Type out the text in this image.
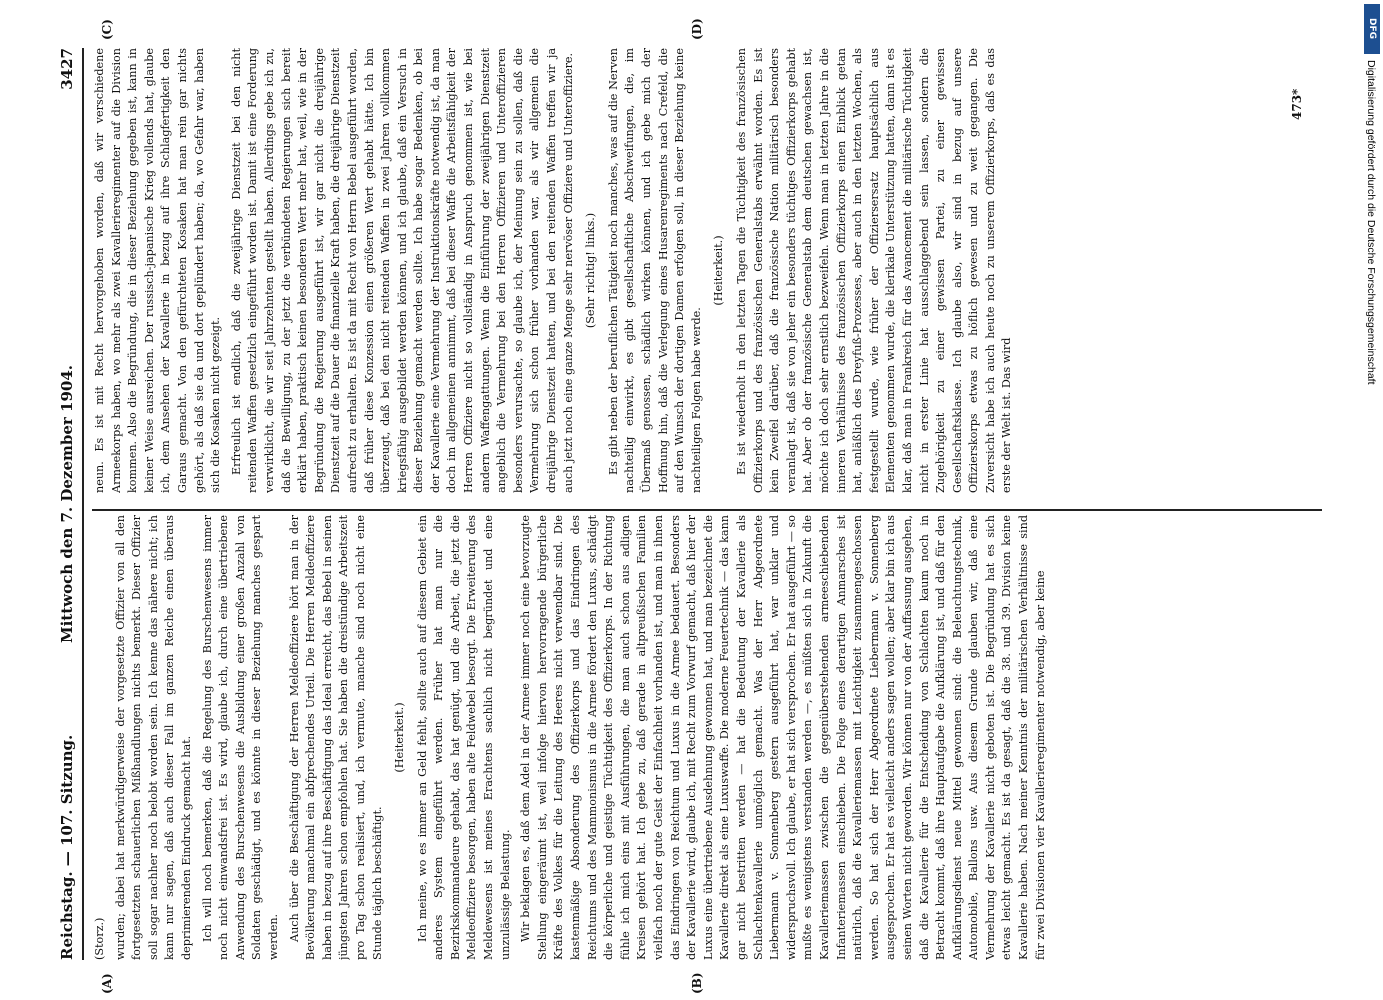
Reichstag. — 107. Sitzung.
Mittwoch den 7. Dezember 1904.
3427
(A)	(B)
(C)	(D)

(Storz.) wurden; dabei hat merkwürdigerweise der vorgesetzte Offizier von all den fortgesetzten schauerlichen Mißhandlungen nichts bemerkt. Dieser Offizier soll sogar nachher noch belobt worden sein. Ich kenne das nähere nicht; ich kann nur sagen, daß auch dieser Fall im ganzen Reiche einen überaus deprimierenden Eindruck gemacht hat. Ich will noch bemerken, daß die Regelung des Burschenwesens immer noch nicht einwandsfrei ist. Es wird, glaube ich, durch eine übertriebene Anwendung des Burschenwesens die Ausbildung einer großen Anzahl von Soldaten geschädigt, und es könnte in dieser Beziehung manches gespart werden. Auch über die Beschäftigung der Herren Meldeoffiziere hört man in der Bevölkerung manchmal ein abfprechendes Urteil. Die Herren Meldeoffiziere haben in bezug auf ihre Beschäftigung das Ideal erreicht, das Bebel in seinen jüngsten Jahren schon empfohlen hat. Sie haben die dreistündige Arbeitszeit pro Tag schon realisiert, und, ich vermute, manche sind noch nicht eine Stunde täglich beschäftigt.

(Heiterkeit.) Ich meine, wo es immer an Geld fehlt, sollte auch auf diesem Gebiet ein anderes System eingeführt werden. Früher hat man nur die Bezirkskommandeure gehabt, das hat genügt, und die Arbeit, die jetzt die Meldeoffiziere besorgen, haben alte Feldwebel besorgt. Die Erweiterung des Meldewesens ist meines Erachtens sachlich nicht begründet und eine unzulässige Belastung. Wir beklagen es, daß dem Adel in der Armee immer noch eine bevorzugte Stellung eingeräumt ist, weil infolge hiervon hervorragende bürgerliche Kräfte des Volkes für die Leitung des Heeres nicht verwendbar sind. Die kastenmäßige Absonderung des Offizierkorps und das Eindringen des Reichtums und des Mammonismus in die Armee fördert den Luxus, schädigt die körperliche und geistige Tüchtigkeit des Offizierkorps. In der Richtung fühle ich mich eins mit Ausführungen, die man auch schon aus adligen Kreisen gehört hat. Ich gebe zu, daß gerade in altpreußischen Familien vielfach noch der gute Geist der Einfachheit vorhanden ist, und man in ihnen das Eindringen von Reichtum und Luxus in die Armee bedauert. Besonders der Kavallerie wird, glaube ich, mit Recht zum Vorwurf gemacht, daß hier der Luxus eine übertriebene Ausdehnung gewonnen hat, und man bezeichnet die Kavallerie direkt als eine Luxuswaffe. Die moderne Feuertechnik — das kann gar nicht bestritten werden — hat die Bedeutung der Kavallerie als Schlachtenkavallerie unmöglich gemacht. Was der Herr Abgeordnete Liebermann v. Sonnenberg gestern ausgeführt hat, war unklar und widerspruchsvoll. Ich glaube, er hat sich versprochen. Er hat ausgeführt — so mußte es wenigstens verstanden werden —, es müßten sich in Zukunft die Kavalleriemassen zwischen die gegenüberstehenden armeeschiebenden Infanteriemassen einschieben. Die Folge eines derartigen Anmarsches ist natürlich, daß die Kavalleriemassen mit Leichtigkeit zusammengeschossen werden. So hat sich der Herr Abgeordnete Liebermann v. Sonnenberg ausgesprochen. Er hat es vielleicht anders sagen wollen; aber klar bin ich aus seinen Worten nicht geworden. Wir können nur von der Auffassung ausgehen, daß die Kavallerie für die Entscheidung von Schlachten kaum noch in Betracht kommt, daß ihre Hauptaufgabe die Aufklärung ist, und daß für den Aufklärungsdienst neue Mittel gewonnen sind: die Beleuchtungstechnik, Automobile, Ballons usw. Aus diesem Grunde glauben wir, daß eine Vermehrung der Kavallerie nicht geboten ist. Die Begründung hat es sich etwas leicht gemacht. Es ist da gesagt, daß die 38. und 39. Division keine Kavallerie haben. Nach meiner Kenntnis der militärischen Verhältnisse sind für zwei Divisionen vier Kavallerieregimenter notwendig, aber keine

neun. Es ist mit Recht hervorgehoben worden, daß wir verschiedene Armeekorps haben, wo mehr als zwei Kavallerieregimenter auf die Division kommen. Also die Begründung, die in dieser Beziehung gegeben ist, kann in keiner Weise ausreichen. Der russisch-japanische Krieg vollends hat, glaube ich, dem Ansehen der Kavallerie in bezug auf ihre Schlagfertigkeit den Garaus gemacht. Von den gefürchteten Kosaken hat man rein gar nichts gehört, als daß sie da und dort geplündert haben; da, wo Gefahr war, haben sich die Kosaken nicht gezeigt. Erfreulich ist endlich, daß die zweijährige Dienstzeit bei den nicht reitenden Waffen gesetzlich eingeführt worden ist. Damit ist eine Forderung verwirklicht, die wir seit Jahrzehnten gestellt haben. Allerdings gebe ich zu, daß die Bewilligung, zu der jetzt die verbündeten Regierungen sich bereit erklärt haben, praktisch keinen besonderen Wert mehr hat, weil, wie in der Begründung die Regierung ausgeführt ist, wir gar nicht die dreijährige Dienstzeit auf die Dauer die finanzielle Kraft haben, die dreijährige Dienstzeit aufrecht zu erhalten. Es ist da mit Recht von Herrn Bebel ausgeführt worden, daß früher diese Konzession einen größeren Wert gehabt hätte. Ich bin überzeugt, daß bei den nicht reitenden Waffen in zwei Jahren vollkommen kriegsfähig ausgebildet werden können, und ich glaube, daß ein Versuch in dieser Beziehung gemacht werden sollte. Ich habe sogar Bedenken, ob bei der Kavallerie eine Vermehrung der Instruktionskräfte notwendig ist, da man doch im allgemeinen annimmt, daß bei dieser Waffe die Arbeitsfähigkeit der Herren Offiziere nicht so vollständig in Anspruch genommen ist, wie bei andern Waffengattungen. Wenn die Einführung der zweijährigen Dienstzeit angeblich die Vermehrung bei den Herren Offizieren und Unteroffizieren besonders verursachte, so glaube ich, der Meinung sein zu sollen, daß die Vermehrung sich schon früher vorhanden war, als wir allgemein die dreijährige Dienstzeit hatten, und bei den reitenden Waffen treffen wir ja auch jetzt noch eine ganze Menge sehr nervöser Offiziere und Unteroffiziere. (Sehr richtig! links.) Es gibt neben der beruflichen Tätigkeit noch manches, was auf die Nerven nachteilig einwirkt, es gibt gesellschaftliche Abschweifungen, die, im Übermaß genossen, schädlich wirken können, und ich gebe mich der Hoffnung hin, daß die Verlegung eines Husarenregiments nach Crefeld, die auf den Wunsch der dortigen Damen erfolgen soll, in dieser Beziehung keine nachteiligen Folgen habe werde.

(Heiterkeit.) Es ist wiederholt in den letzten Tagen die Tüchtigkeit des französischen Offizierkorps und des französischen Generalstabs erwähnt worden. Es ist kein Zweifel darüber, daß die französische Nation militärisch besonders veranlagt ist, daß sie von jeher ein besonders tüchtiges Offizierkorps gehabt hat. Aber ob der französische Generalstab dem deutschen gewachsen ist, möchte ich doch sehr ernstlich bezweifeln. Wenn man in letzten Jahre in die inneren Verhältnisse des französischen Offizierkorps einen Einblick getan hat, anläßlich des Dreyfuß-Prozesses, aber auch in den letzten Wochen, als festgestellt wurde, wie früher der Offiziersersatz hauptsächlich aus Elementen genommen wurde, die klerikale Unterstützung hatten, dann ist es klar, daß man in Frankreich für das Avancement die militärische Tüchtigkeit nicht in erster Linie hat ausschlaggebend sein lassen, sondern die Zugehörigkeit zu einer gewissen Partei, zu einer gewissen Gesellschaftsklasse. Ich glaube also, wir sind in bezug auf unsere Offizierskorps etwas zu höflich gewesen und zu weit gegangen. Die Zuversicht habe ich auch heute noch zu unserem Offizierkorps, daß es das erste der Welt ist. Das wird

473*
DFG
Digitalisierung gefördert durch die Deutsche Forschungsgemeinschaft
